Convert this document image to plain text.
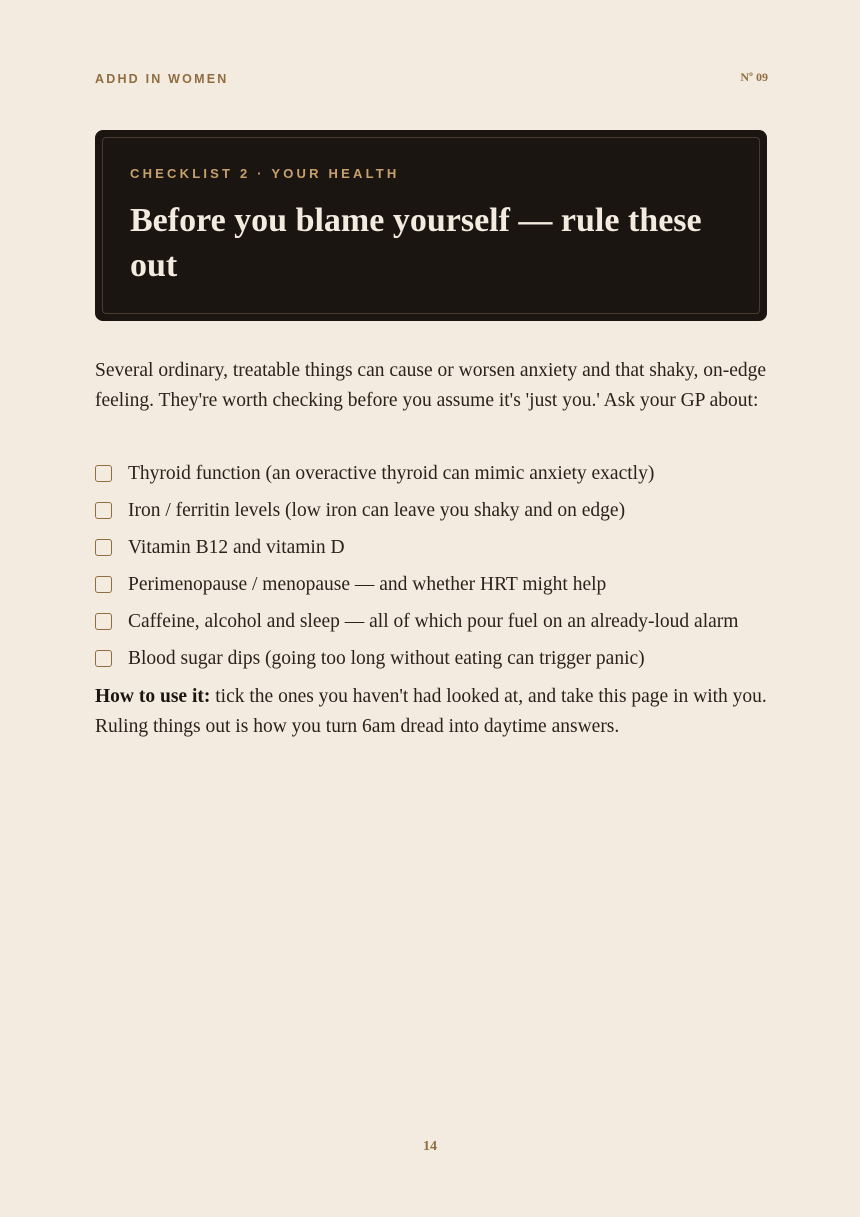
ADHD IN WOMEN	Nº 09
CHECKLIST 2 · YOUR HEALTH
Before you blame yourself — rule these out

Several ordinary, treatable things can cause or worsen anxiety and that shaky, on-edge feeling. They're worth checking before you assume it's 'just you.' Ask your GP about:

Thyroid function (an overactive thyroid can mimic anxiety exactly)
Iron / ferritin levels (low iron can leave you shaky and on edge)
Vitamin B12 and vitamin D
Perimenopause / menopause — and whether HRT might help
Caffeine, alcohol and sleep — all of which pour fuel on an already-loud alarm
Blood sugar dips (going too long without eating can trigger panic)

How to use it: tick the ones you haven't had looked at, and take this page in with you. Ruling things out is how you turn 6am dread into daytime answers.

14
